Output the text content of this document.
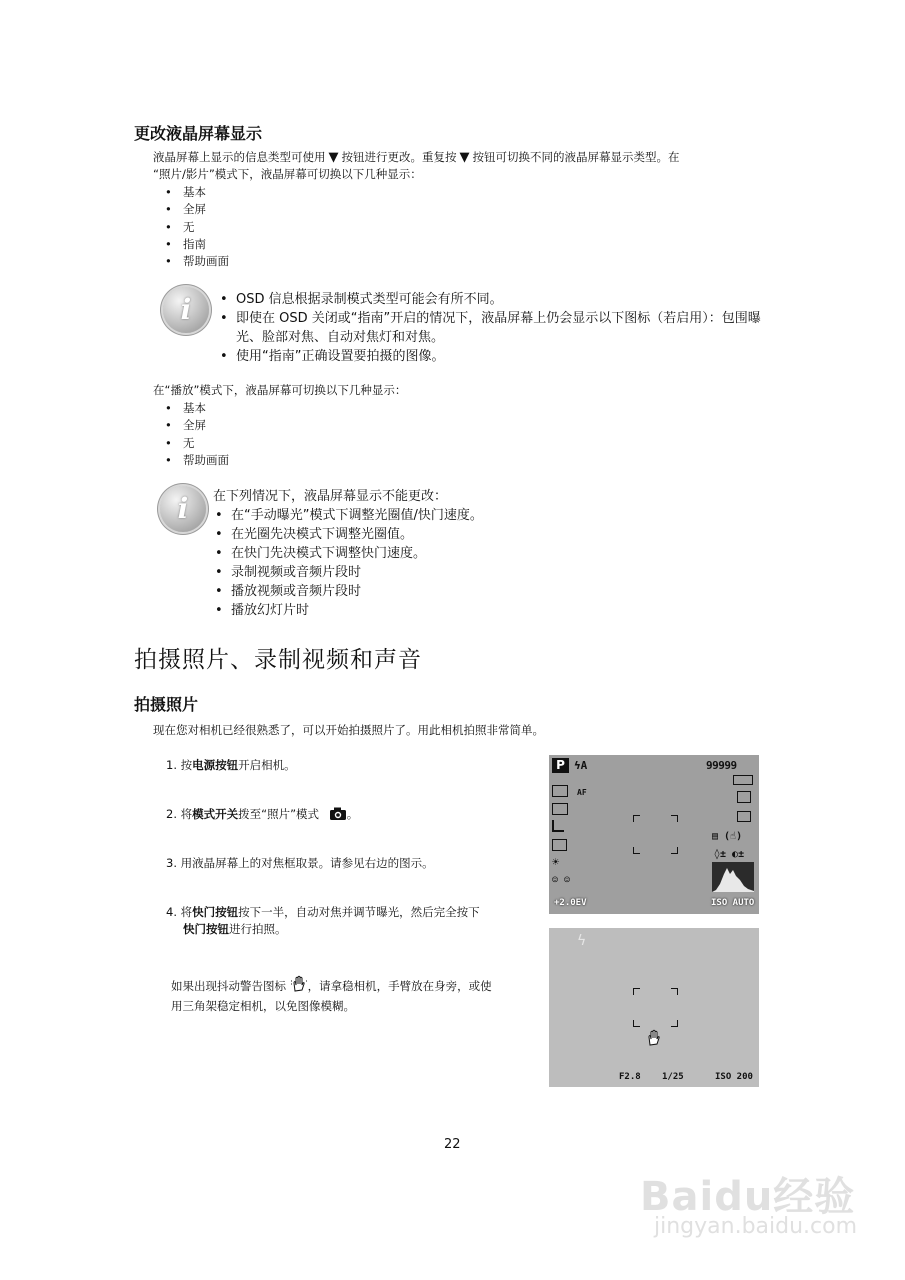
更改液晶屏幕显示
液晶屏幕上显示的信息类型可使用 ▼ 按钮进行更改。重复按 ▼ 按钮可切换不同的液晶屏幕显示类型。在
“照片/影片”模式下，液晶屏幕可切换以下几种显示：
• 基本
• 全屏
• 无
• 指南
• 帮助画面
i
•	OSD 信息根据录制模式类型可能会有所不同。
• 即使在 OSD 关闭或“指南”开启的情况下，液晶屏幕上仍会显示以下图标（若启用）：包围曝光、脸部对焦、自动对焦灯和对焦。
• 使用“指南”正确设置要拍摄的图像。
在“播放”模式下，液晶屏幕可切换以下几种显示：
• 基本
• 全屏
• 无
• 帮助画面
i	在下列情况下，液晶屏幕显示不能更改：
• 在“手动曝光”模式下调整光圈值/快门速度。
• 在光圈先决模式下调整光圈值。
• 在快门先决模式下调整快门速度。
• 录制视频或音频片段时
• 播放视频或音频片段时
• 播放幻灯片时
拍摄照片、录制视频和声音
拍摄照片
现在您对相机已经很熟悉了，可以开始拍摄照片了。用此相机拍照非常简单。
1. 按电源按钮开启相机。
2. 将模式开关拨至“照片”模式 。
3. 用液晶屏幕上的对焦框取景。请参见右边的图示。
4. 将快门按钮按下一半，自动对焦并调节曝光，然后完全按下
快门按钮进行拍照。
如果出现抖动警告图标 ，请拿稳相机，手臂放在身旁，或使
用三角架稳定相机，以免图像模糊。
P ϟA	99999
AF
▤ (☝)
☀
◊± ◐±
☺ ☺
+2.0EV	ISO AUTO
ϟ
F2.8 1/25	ISO 200
22
Baidu经验
jingyan.baidu.com
